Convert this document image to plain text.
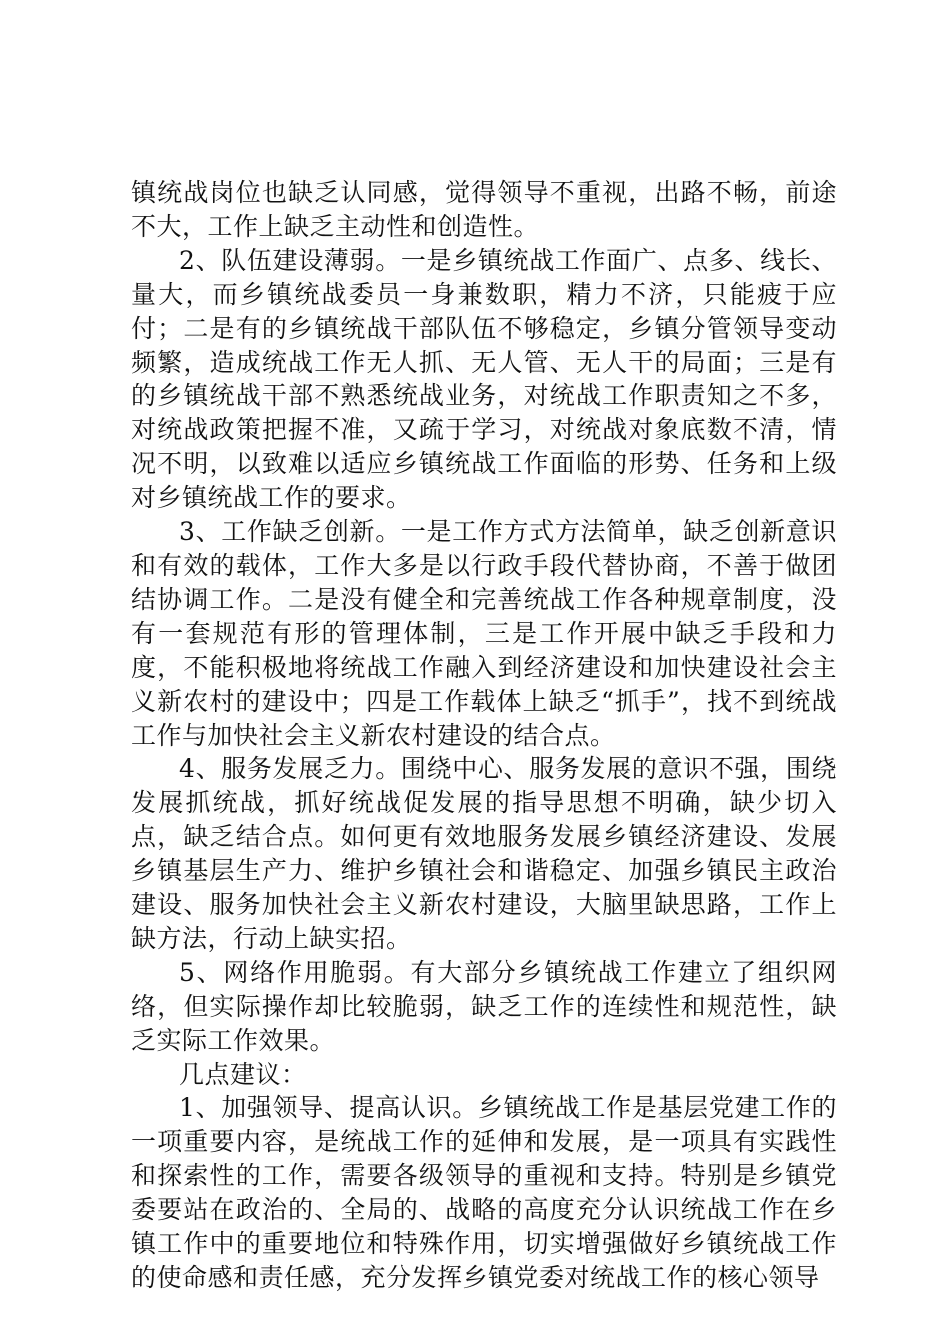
镇统战岗位也缺乏认同感，觉得领导不重视，出路不畅，前途不大，工作上缺乏主动性和创造性。

2、队伍建设薄弱。一是乡镇统战工作面广、点多、线长、量大，而乡镇统战委员一身兼数职，精力不济，只能疲于应付；二是有的乡镇统战干部队伍不够稳定，乡镇分管领导变动频繁，造成统战工作无人抓、无人管、无人干的局面；三是有的乡镇统战干部不熟悉统战业务，对统战工作职责知之不多，对统战政策把握不准，又疏于学习，对统战对象底数不清，情况不明，以致难以适应乡镇统战工作面临的形势、任务和上级对乡镇统战工作的要求。

3、工作缺乏创新。一是工作方式方法简单，缺乏创新意识和有效的载体，工作大多是以行政手段代替协商，不善于做团结协调工作。二是没有健全和完善统战工作各种规章制度，没有一套规范有形的管理体制，三是工作开展中缺乏手段和力度，不能积极地将统战工作融入到经济建设和加快建设社会主义新农村的建设中；四是工作载体上缺乏“抓手”，找不到统战工作与加快社会主义新农村建设的结合点。

4、服务发展乏力。围绕中心、服务发展的意识不强，围绕发展抓统战，抓好统战促发展的指导思想不明确，缺少切入点，缺乏结合点。如何更有效地服务发展乡镇经济建设、发展乡镇基层生产力、维护乡镇社会和谐稳定、加强乡镇民主政治建设、服务加快社会主义新农村建设，大脑里缺思路，工作上缺方法，行动上缺实招。

5、网络作用脆弱。有大部分乡镇统战工作建立了组织网络，但实际操作却比较脆弱，缺乏工作的连续性和规范性，缺乏实际工作效果。

几点建议：

1、加强领导、提高认识。乡镇统战工作是基层党建工作的一项重要内容，是统战工作的延伸和发展，是一项具有实践性和探索性的工作，需要各级领导的重视和支持。特别是乡镇党委要站在政治的、全局的、战略的高度充分认识统战工作在乡镇工作中的重要地位和特殊作用，切实增强做好乡镇统战工作的使命感和责任感，充分发挥乡镇党委对统战工作的核心领导
